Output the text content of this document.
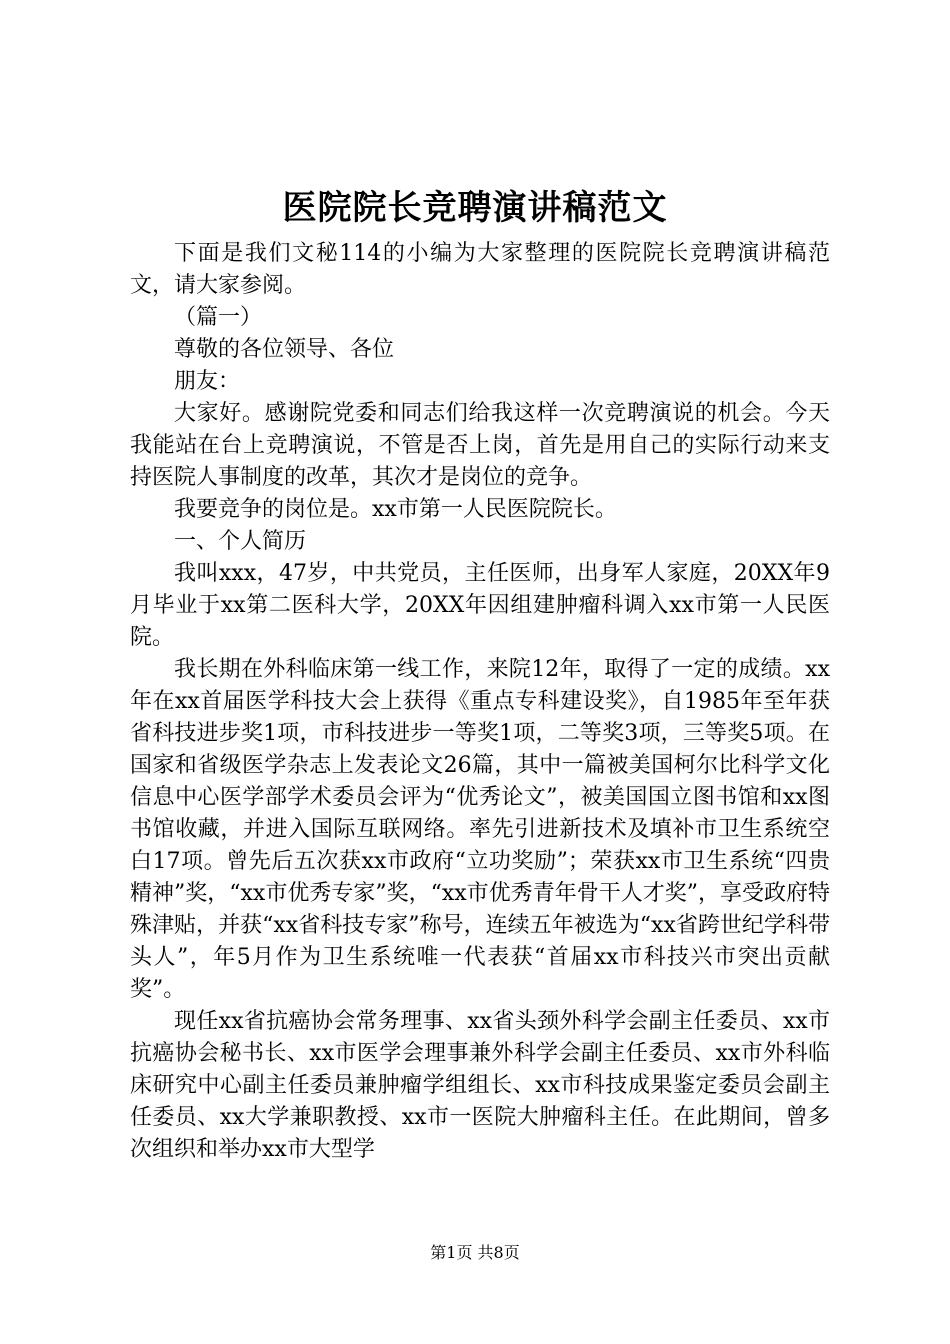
医院院长竞聘演讲稿范文

下面是我们文秘114的小编为大家整理的医院院长竞聘演讲稿范文，请大家参阅。

（篇一）

尊敬的各位领导、各位

朋友：

大家好。感谢院党委和同志们给我这样一次竞聘演说的机会。今天我能站在台上竞聘演说，不管是否上岗，首先是用自己的实际行动来支持医院人事制度的改革，其次才是岗位的竞争。

我要竞争的岗位是。xx市第一人民医院院长。

一、个人简历

我叫xxx，47岁，中共党员，主任医师，出身军人家庭，20XX年9月毕业于xx第二医科大学，20XX年因组建肿瘤科调入xx市第一人民医院。

我长期在外科临床第一线工作，来院12年，取得了一定的成绩。xx年在xx首届医学科技大会上获得《重点专科建设奖》，自1985年至年获省科技进步奖1项，市科技进步一等奖1项，二等奖3项，三等奖5项。在国家和省级医学杂志上发表论文26篇，其中一篇被美国柯尔比科学文化信息中心医学部学术委员会评为“优秀论文”，被美国国立图书馆和xx图书馆收藏，并进入国际互联网络。率先引进新技术及填补市卫生系统空白17项。曾先后五次获xx市政府“立功奖励”；荣获xx市卫生系统“四贵精神”奖，“xx市优秀专家”奖，“xx市优秀青年骨干人才奖”，享受政府特殊津贴，并获“xx省科技专家”称号，连续五年被选为“xx省跨世纪学科带头人”，年5月作为卫生系统唯一代表获“首届xx市科技兴市突出贡献奖”。

现任xx省抗癌协会常务理事、xx省头颈外科学会副主任委员、xx市抗癌协会秘书长、xx市医学会理事兼外科学会副主任委员、xx市外科临床研究中心副主任委员兼肿瘤学组组长、xx市科技成果鉴定委员会副主任委员、xx大学兼职教授、xx市一医院大肿瘤科主任。在此期间，曾多次组织和举办xx市大型学

第1页 共8页
